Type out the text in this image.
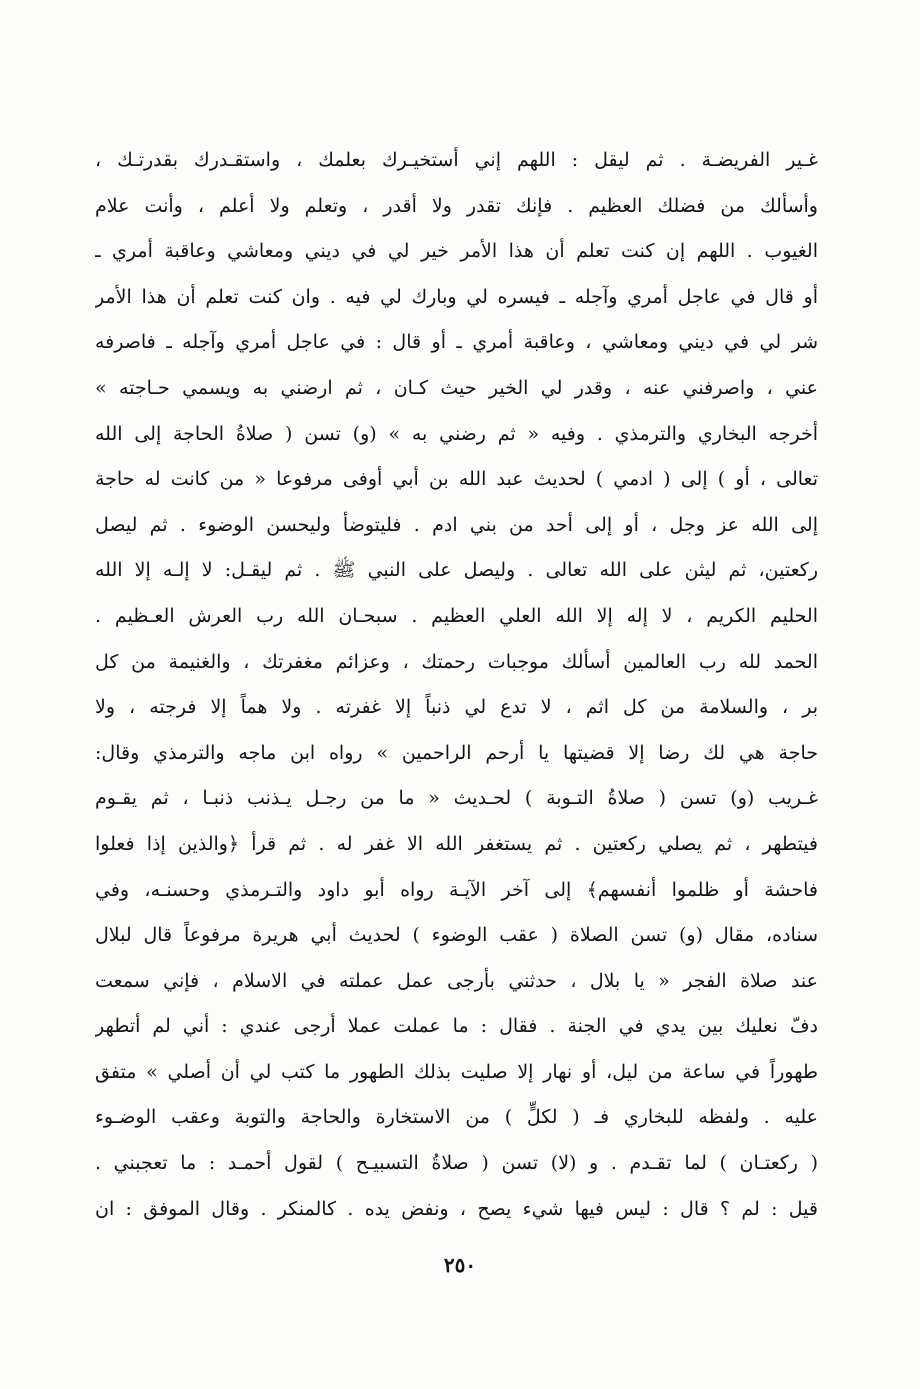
غـير الفريضـة . ثم ليقل : اللهم إني أستخيـرك بعلمك ، واستقـدرك بقدرتـك ،
وأسألك من فضلك العظيم . فإنك تقدر ولا أقدر ، وتعلم ولا أعلم ، وأنت علام
الغيوب . اللهم إن كنت تعلم أن هذا الأمر خير لي في ديني ومعاشي وعاقبة أمري ـ
أو قال في عاجل أمري وآجله ـ فيسره لي وبارك لي فيه . وان كنت تعلم أن هذا الأمر
شر لي في ديني ومعاشي ، وعاقبة أمري ـ أو قال : في عاجل أمري وآجله ـ فاصرفه
عني ، واصرفني عنه ، وقدر لي الخير حيث كـان ، ثم ارضني به ويسمي حـاجته »
أخرجه البخاري والترمذي . وفيه « ثم رضني به » (و) تسن ( صلاةُ الحاجة إلى الله
تعالى ، أو ) إلى ( ادمي ) لحديث عبد الله بن أبي أوفى مرفوعا « من كانت له حاجة
إلى الله عز وجل ، أو إلى أحد من بني ادم . فليتوضأ وليحسن الوضوء . ثم ليصل
ركعتين، ثم ليثن على الله تعالى . وليصل على النبي ﷺ . ثم ليقـل: لا إلـه إلا الله
الحليم الكريم ، لا إله إلا الله العلي العظيم . سبحـان الله رب العرش العـظيم .
الحمد لله رب العالمين أسألك موجبات رحمتك ، وعزائم مغفرتك ، والغنيمة من كل
بر ، والسلامة من كل اثم ، لا تدع لي ذنباً إلا غفرته . ولا هماً إلا فرجته ، ولا
حاجة هي لك رضا إلا قضيتها يا أرحم الراحمين » رواه ابن ماجه والترمذي وقال:
غـريب (و) تسن ( صلاةُ التـوبة ) لحـديث « ما من رجـل يـذنب ذنبـا ، ثم يقـوم
فيتطهر ، ثم يصلي ركعتين . ثم يستغفر الله الا غفر له . ثم قرأ ﴿والذين إذا فعلوا
فاحشة أو ظلموا أنفسهم﴾ إلى آخر الآيـة رواه أبو داود والتـرمذي وحسنـه، وفي
سناده، مقال (و) تسن الصلاة ( عقب الوضوء ) لحديث أبي هريرة مرفوعاً قال لبلال
عند صلاة الفجر « يا بلال ، حدثني بأرجى عمل عملته في الاسلام ، فإني سمعت
دفّ نعليك بين يدي في الجنة . فقال : ما عملت عملا أرجى عندي : أني لم أتطهر
طهوراً في ساعة من ليل، أو نهار إلا صليت بذلك الطهور ما كتب لي أن أصلي » متفق
عليه . ولفظه للبخاري فـ ( لكلٍّ ) من الاستخارة والحاجة والتوبة وعقب الوضـوء
( ركعتـان ) لما تقـدم . و (لا) تسن ( صلاةُ التسبيـح ) لقول أحمـد : ما تعجبني .
قيل : لم ؟ قال : ليس فيها شيء يصح ، ونفض يده . كالمنكر . وقال الموفق : ان
٢٥٠
